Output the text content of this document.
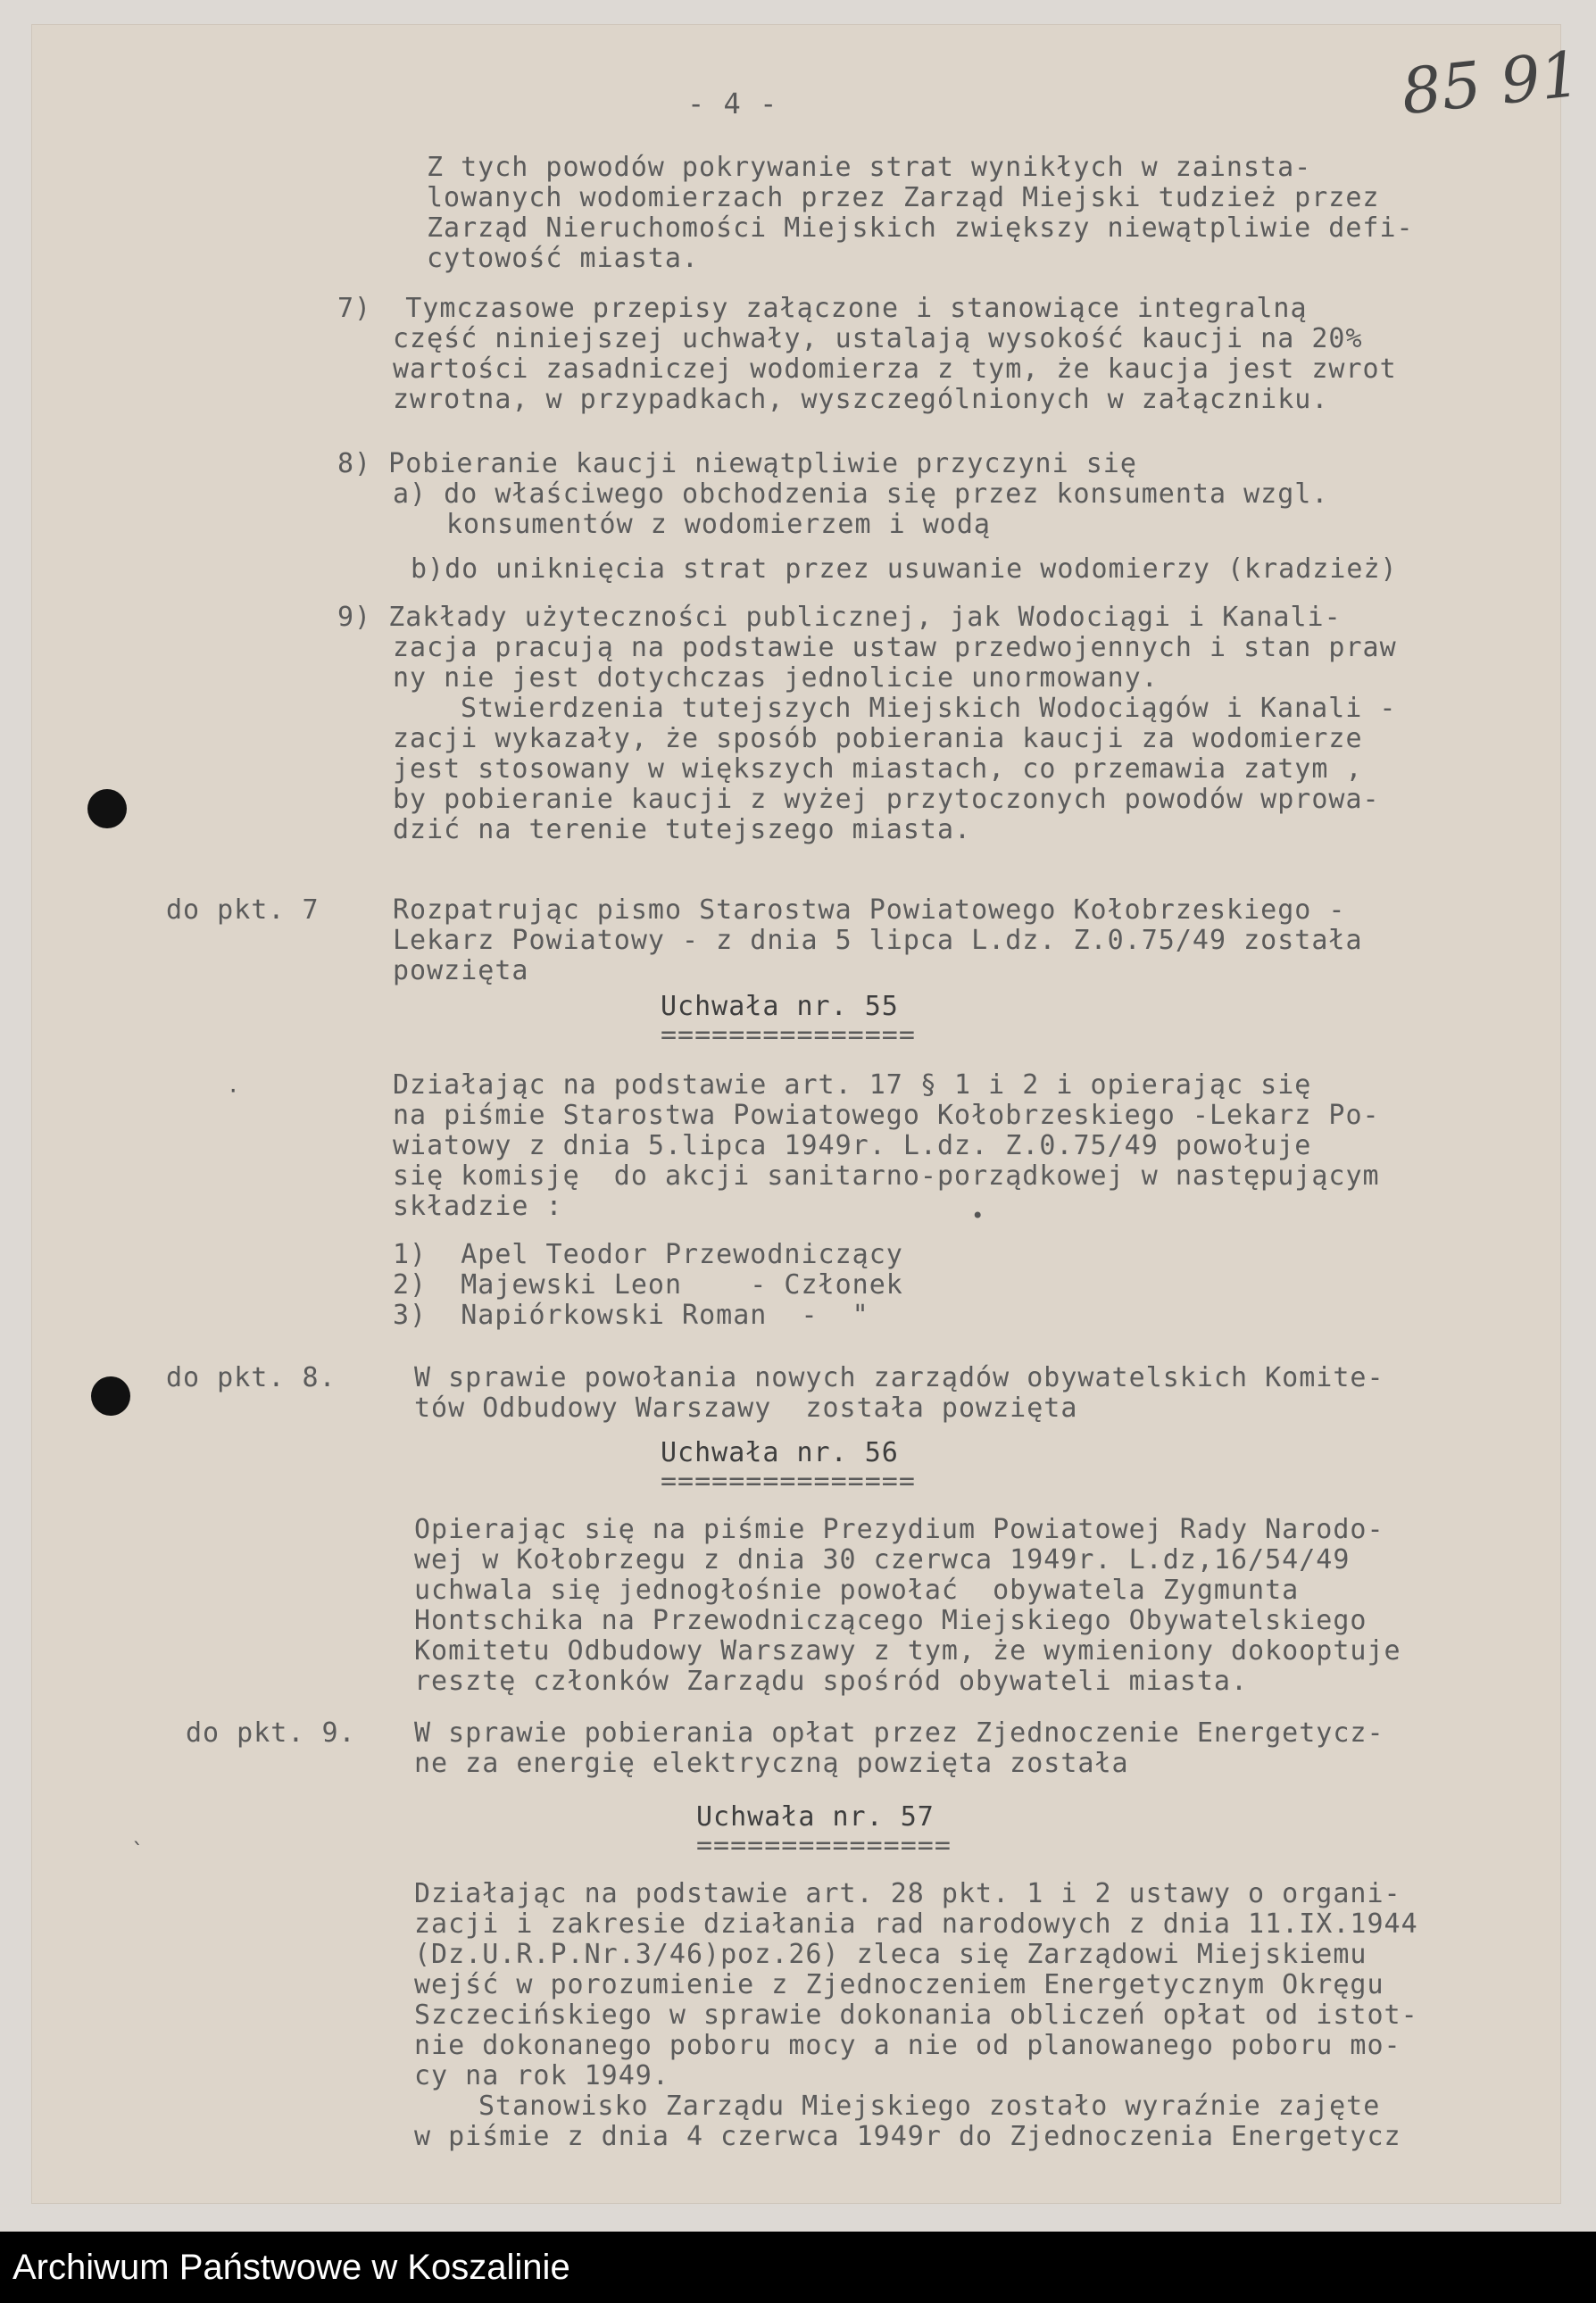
·
ˎ
•
- 4 -	85 91
Z tych powodów pokrywanie strat wynikłych w zainsta-
lowanych wodomierzach przez Zarząd Miejski tudzież przez
Zarząd Nieruchomości Miejskich zwiększy niewątpliwie defi-
cytowość miasta.
7)  Tymczasowe przepisy załączone i stanowiące integralną
część niniejszej uchwały, ustalają wysokość kaucji na 20%
wartości zasadniczej wodomierza z tym, że kaucja jest zwrot
zwrotna, w przypadkach, wyszczególnionych w załączniku.
8) Pobieranie kaucji niewątpliwie przyczyni się
a) do właściwego obchodzenia się przez konsumenta wzgl.
konsumentów z wodomierzem i wodą
b)do uniknięcia strat przez usuwanie wodomierzy (kradzież)
9) Zakłady użyteczności publicznej, jak Wodociągi i Kanali-
zacja pracują na podstawie ustaw przedwojennych i stan praw
ny nie jest dotychczas jednolicie unormowany.
Stwierdzenia tutejszych Miejskich Wodociągów i Kanali -
zacji wykazały, że sposób pobierania kaucji za wodomierze
jest stosowany w większych miastach, co przemawia zatym ,
by pobieranie kaucji z wyżej przytoczonych powodów wprowa-
dzić na terenie tutejszego miasta.
do pkt. 7	Rozpatrując pismo Starostwa Powiatowego Kołobrzeskiego -
Lekarz Powiatowy - z dnia 5 lipca L.dz. Z.0.75/49 została
powzięta
Uchwała nr. 55
===============
Działając na podstawie art. 17 § 1 i 2 i opierając się
na piśmie Starostwa Powiatowego Kołobrzeskiego -Lekarz Po-
wiatowy z dnia 5.lipca 1949r. L.dz. Z.0.75/49 powołuje
się komisję  do akcji sanitarno-porządkowej w następującym
składzie :
1)  Apel Teodor Przewodniczący
2)  Majewski Leon    - Członek
3)  Napiórkowski Roman  -  "
do pkt. 8.	W sprawie powołania nowych zarządów obywatelskich Komite-
tów Odbudowy Warszawy  została powzięta
Uchwała nr. 56
===============
Opierając się na piśmie Prezydium Powiatowej Rady Narodo-
wej w Kołobrzegu z dnia 30 czerwca 1949r. L.dz,16/54/49
uchwala się jednogłośnie powołać  obywatela Zygmunta
Hontschika na Przewodniczącego Miejskiego Obywatelskiego
Komitetu Odbudowy Warszawy z tym, że wymieniony dokooptuje
resztę członków Zarządu spośród obywateli miasta.
do pkt. 9. W sprawie pobierania opłat przez Zjednoczenie Energetycz-
ne za energię elektryczną powzięta została
Uchwała nr. 57
===============
Działając na podstawie art. 28 pkt. 1 i 2 ustawy o organi-
zacji i zakresie działania rad narodowych z dnia 11.IX.1944
(Dz.U.R.P.Nr.3/46)poz.26) zleca się Zarządowi Miejskiemu
wejść w porozumienie z Zjednoczeniem Energetycznym Okręgu
Szczecińskiego w sprawie dokonania obliczeń opłat od istot-
nie dokonanego poboru mocy a nie od planowanego poboru mo-
cy na rok 1949.
Stanowisko Zarządu Miejskiego zostało wyraźnie zajęte
w piśmie z dnia 4 czerwca 1949r do Zjednoczenia Energetycz
Archiwum Państwowe w Koszalinie
